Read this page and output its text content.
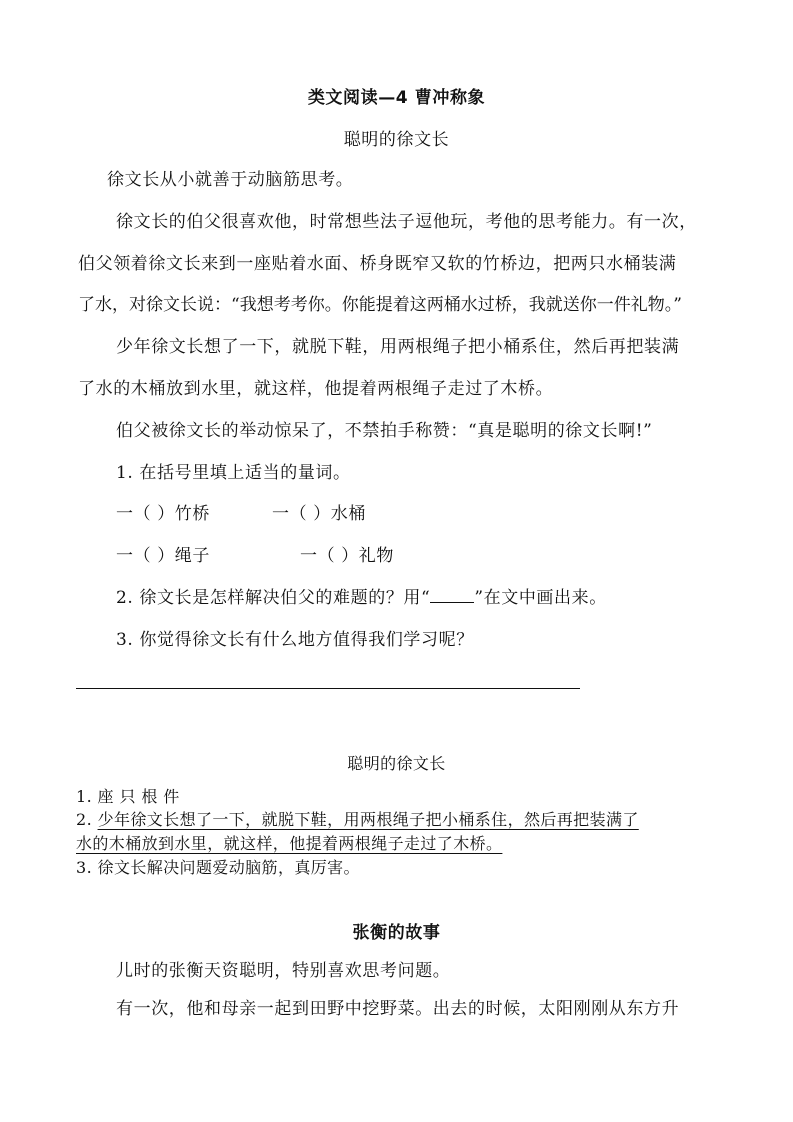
类文阅读—4 曹冲称象
聪明的徐文长
徐文长从小就善于动脑筋思考。
徐文长的伯父很喜欢他，时常想些法子逗他玩，考他的思考能力。有一次，
伯父领着徐文长来到一座贴着水面、桥身既窄又软的竹桥边，把两只水桶装满
了水，对徐文长说：“我想考考你。你能提着这两桶水过桥，我就送你一件礼物。”
少年徐文长想了一下，就脱下鞋，用两根绳子把小桶系住，然后再把装满
了水的木桶放到水里，就这样，他提着两根绳子走过了木桥。
伯父被徐文长的举动惊呆了，不禁拍手称赞：“真是聪明的徐文长啊!”
1. 在括号里填上适当的量词。
一（ ）竹桥	一（ ）水桶
一（ ）绳子	一（ ）礼物
2. 徐文长是怎样解决伯父的难题的？用“	”在文中画出来。
3. 你觉得徐文长有什么地方值得我们学习呢？
聪明的徐文长
1. 座 只 根 件
2. 少年徐文长想了一下，就脱下鞋，用两根绳子把小桶系住，然后再把装满了
水的木桶放到水里，就这样，他提着两根绳子走过了木桥。
3. 徐文长解决问题爱动脑筋，真厉害。
张衡的故事
儿时的张衡天资聪明，特别喜欢思考问题。
有一次，他和母亲一起到田野中挖野菜。出去的时候，太阳刚刚从东方升
